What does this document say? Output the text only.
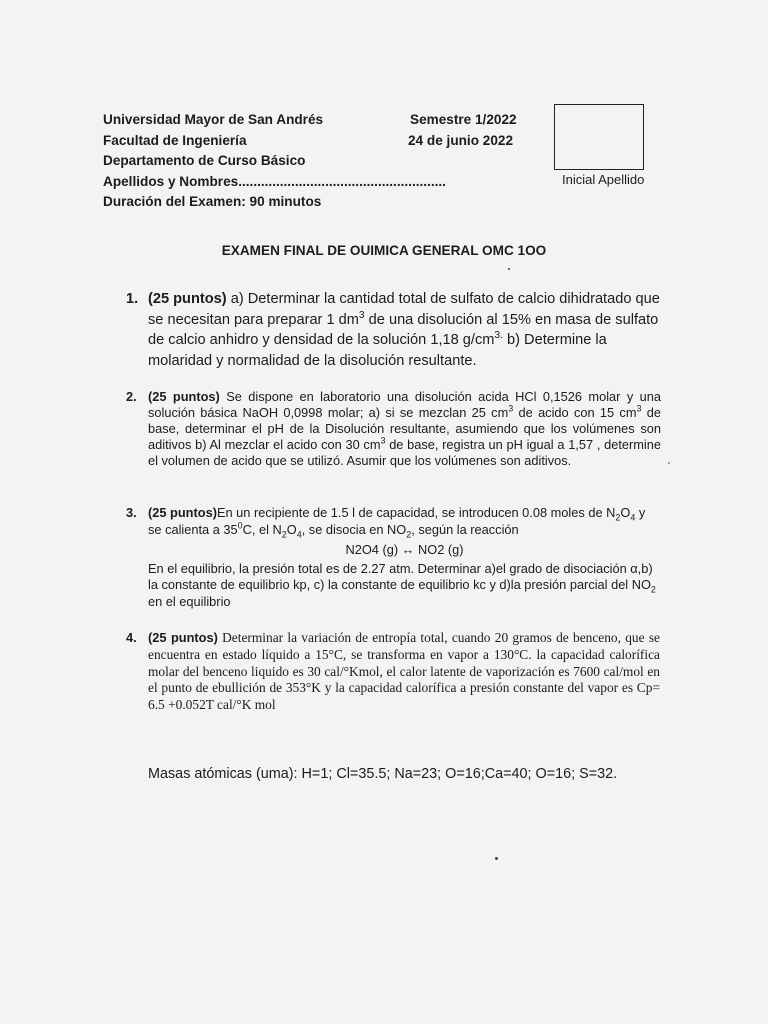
Universidad Mayor de San Andrés
Facultad de Ingeniería
Departamento de Curso Básico
Apellidos y Nombres.......................................................
Duración del Examen: 90 minutos
Semestre 1/2022
24 de junio 2022
Inicial Apellido
EXAMEN FINAL DE OUIMICA GENERAL OMC 1OO
1. (25 puntos) a) Determinar la cantidad total de sulfato de calcio dihidratado que se necesitan para preparar 1 $dm^3$ de una disolución al 15% en masa de sulfato de calcio anhidro y densidad de la solución 1,18 $g/cm^{3.}$ b) Determine la molaridad y normalidad de la disolución resultante.
2. (25 puntos) Se dispone en laboratorio una disolución acida HCl 0,1526 molar y una solución básica NaOH 0,0998 molar; a) si se mezclan 25 $cm^3$ de acido con 15 $cm^3$ de base, determinar el pH de la Disolución resultante, asumiendo que los volúmenes son aditivos b) Al mezclar el acido con 30 $cm^3$ de base, registra un pH igual a 1,57 , determine el volumen de acido que se utilizó. Asumir que los volúmenes son aditivos.
3. (25 puntos)En un recipiente de 1.5 l de capacidad, se introducen 0.08 moles de $N_2O_4$ y se calienta a $35^0C$, el $N_2O_4$, se disocia en $NO_2$, según la reacción
N2O4 (g) ↔ NO2 (g)
En el equilibrio, la presión total es de 2.27 atm. Determinar a)el grado de disociación α,b) la constante de equilibrio kp, c) la constante de equilibrio kc y d)la presión parcial del $NO_2$ en el equilibrio
4. (25 puntos) Determinar la variación de entropía total, cuando 20 gramos de benceno, que se encuentra en estado líquido a 15°C, se transforma en vapor a 130°C. la capacidad calorífica molar del benceno liquido es 30 cal/°Kmol, el calor latente de vaporización es 7600 cal/mol en el punto de ebullición de 353°K y la capacidad calorífica a presión constante del vapor es Cp= 6.5 +0.052T cal/°K mol
Masas atómicas (uma): H=1; Cl=35.5; Na=23; O=16;Ca=40; O=16; S=32.
